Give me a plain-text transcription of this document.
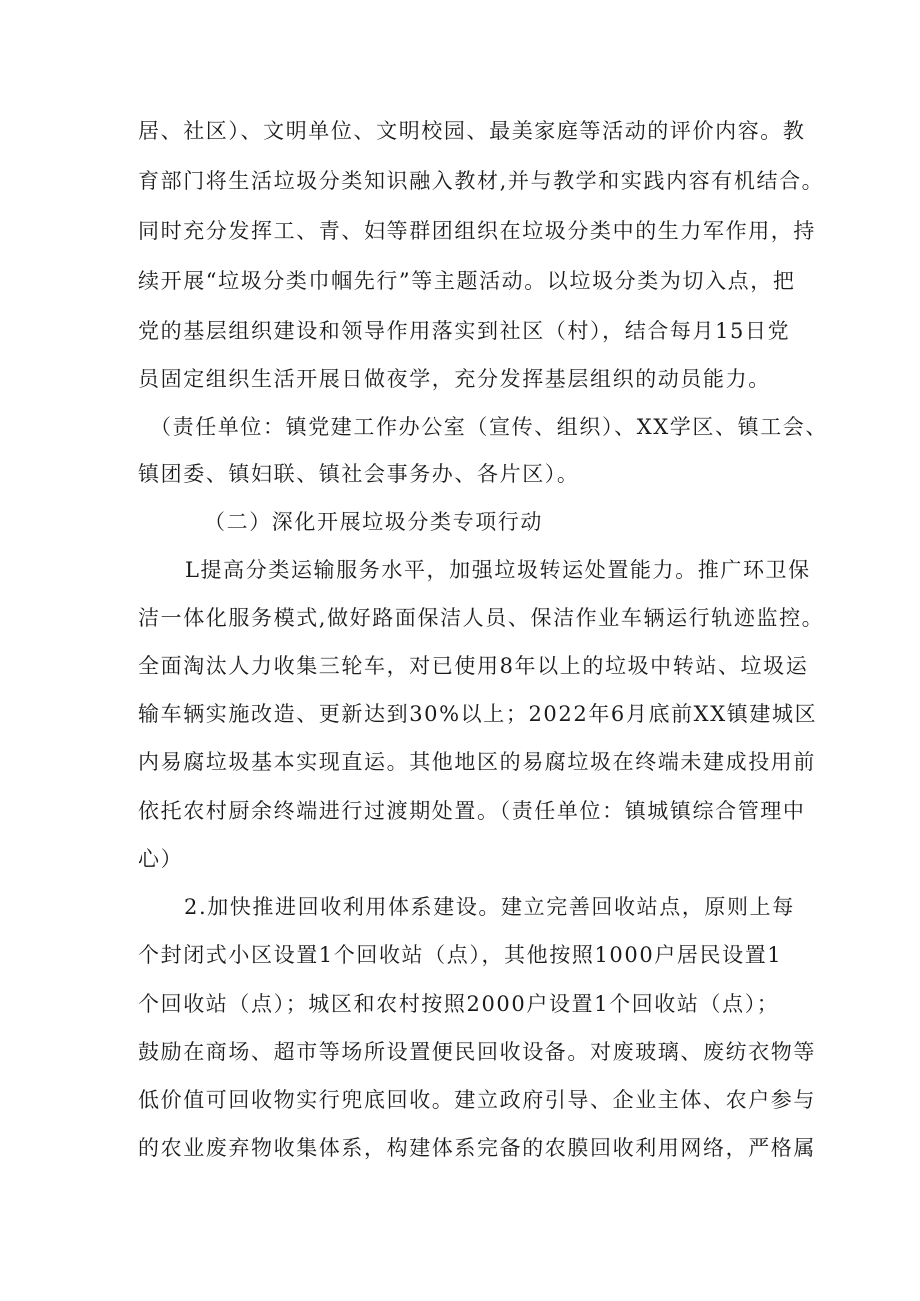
居、社区）、文明单位、文明校园、最美家庭等活动的评价内容。教
育部门将生活垃圾分类知识融入教材,并与教学和实践内容有机结合。
同时充分发挥工、青、妇等群团组织在垃圾分类中的生力军作用，持
续开展“垃圾分类巾帼先行”等主题活动。以垃圾分类为切入点，把
党的基层组织建设和领导作用落实到社区（村），结合每月15日党
员固定组织生活开展日做夜学，充分发挥基层组织的动员能力。
（责任单位：镇党建工作办公室（宣传、组织）、XX学区、镇工会、
镇团委、镇妇联、镇社会事务办、各片区）。
（二）深化开展垃圾分类专项行动
L提高分类运输服务水平，加强垃圾转运处置能力。推广环卫保
洁一体化服务模式,做好路面保洁人员、保洁作业车辆运行轨迹监控。
全面淘汰人力收集三轮车，对已使用8年以上的垃圾中转站、垃圾运
输车辆实施改造、更新达到30%以上；2022年6月底前XX镇建城区
内易腐垃圾基本实现直运。其他地区的易腐垃圾在终端未建成投用前
依托农村厨余终端进行过渡期处置。（责任单位：镇城镇综合管理中
心）
2.加快推进回收利用体系建设。建立完善回收站点，原则上每
个封闭式小区设置1个回收站（点），其他按照1000户居民设置1
个回收站（点）；城区和农村按照2000户设置1个回收站（点）；
鼓励在商场、超市等场所设置便民回收设备。对废玻璃、废纺衣物等
低价值可回收物实行兜底回收。建立政府引导、企业主体、农户参与
的农业废弃物收集体系，构建体系完备的农膜回收利用网络，严格属
